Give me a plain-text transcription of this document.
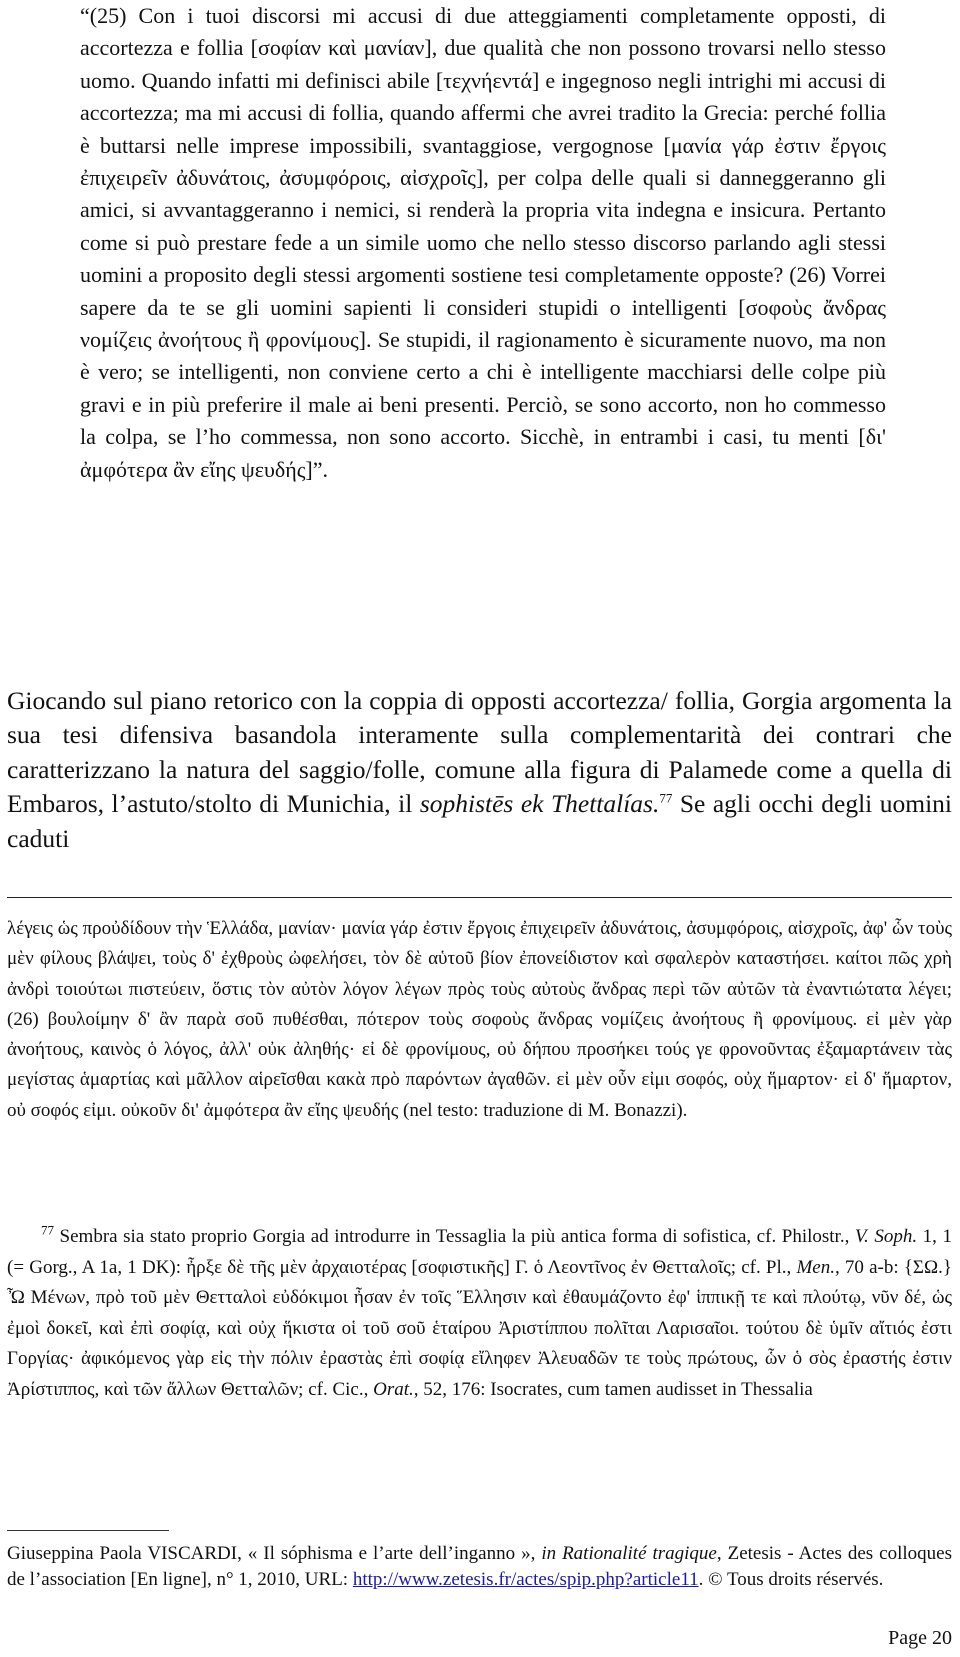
“(25) Con i tuoi discorsi mi accusi di due atteggiamenti completamente opposti, di accortezza e follia [σοφίαν καὶ μανίαν], due qualità che non possono trovarsi nello stesso uomo. Quando infatti mi definisci abile [τεχνήεντά] e ingegnoso negli intrighi mi accusi di accortezza; ma mi accusi di follia, quando affermi che avrei tradito la Grecia: perché follia è buttarsi nelle imprese impossibili, svantaggiose, vergognose [μανία γάρ ἐστιν ἔργοις ἐπιχειρεῖν ἀδυνάτοις, ἀσυμφόροις, αἰσχροῖς], per colpa delle quali si danneggeranno gli amici, si avvantaggeranno i nemici, si renderà la propria vita indegna e insicura. Pertanto come si può prestare fede a un simile uomo che nello stesso discorso parlando agli stessi uomini a proposito degli stessi argomenti sostiene tesi completamente opposte? (26) Vorrei sapere da te se gli uomini sapienti li consideri stupidi o intelligenti [σοφοὺς ἄνδρας νομίζεις ἀνοήτους ἢ φρονίμους]. Se stupidi, il ragionamento è sicuramente nuovo, ma non è vero; se intelligenti, non conviene certo a chi è intelligente macchiarsi delle colpe più gravi e in più preferire il male ai beni presenti. Perciò, se sono accorto, non ho commesso la colpa, se l’ho commessa, non sono accorto. Sicchè, in entrambi i casi, tu menti [δι' ἀμφότερα ἂν εἴης ψευδής]”.
Giocando sul piano retorico con la coppia di opposti accortezza/ follia, Gorgia argomenta la sua tesi difensiva basandola interamente sulla complementarità dei contrari che caratterizzano la natura del saggio/folle, comune alla figura di Palamede come a quella di Embaros, l’astuto/stolto di Munichia, il sophistēs ek Thettalías.$^{77}$ Se agli occhi degli uomini caduti
λέγεις ὡς προὐδίδουν τὴν Ἑλλάδα, μανίαν· μανία γάρ ἐστιν ἔργοις ἐπιχειρεῖν ἀδυνάτοις, ἀσυμφόροις, αἰσχροῖς, ἀφ' ὧν τοὺς μὲν φίλους βλάψει, τοὺς δ' ἐχθροὺς ὠφελήσει, τὸν δὲ αὑτοῦ βίον ἐπονείδιστον καὶ σφαλερὸν καταστήσει. καίτοι πῶς χρὴ ἀνδρὶ τοιούτωι πιστεύειν, ὅστις τὸν αὐτὸν λόγον λέγων πρὸς τοὺς αὐτοὺς ἄνδρας περὶ τῶν αὐτῶν τὰ ἐναντιώτατα λέγει; (26) βουλοίμην δ' ἂν παρὰ σοῦ πυθέσθαι, πότερον τοὺς σοφοὺς ἄνδρας νομίζεις ἀνοήτους ἢ φρονίμους. εἰ μὲν γὰρ ἀνοήτους, καινὸς ὁ λόγος, ἀλλ' οὐκ ἀληθής· εἰ δὲ φρονίμους, οὐ δήπου προσήκει τούς γε φρονοῦντας ἐξαμαρτάνειν τὰς μεγίστας ἁμαρτίας καὶ μᾶλλον αἱρεῖσθαι κακὰ πρὸ παρόντων ἀγαθῶν. εἰ μὲν οὖν εἰμι σοφός, οὐχ ἥμαρτον· εἰ δ' ἥμαρτον, οὐ σοφός εἰμι. οὐκοῦν δι' ἀμφότερα ἂν εἴης ψευδής (nel testo: traduzione di M. Bonazzi).
$^{77}$ Sembra sia stato proprio Gorgia ad introdurre in Tessaglia la più antica forma di sofistica, cf. Philostr., V. Soph. 1, 1 (= Gorg., A 1a, 1 DK): ἦρξε δὲ τῆς μὲν ἀρχαιοτέρας [σοφιστικῆς] Γ. ὁ Λεοντῖνος ἐν Θετταλοῖς; cf. Pl., Men., 70 a-b: {ΣΩ.} Ὦ Μένων, πρὸ τοῦ μὲν Θετταλοὶ εὐδόκιμοι ἦσαν ἐν τοῖς Ἕλλησιν καὶ ἐθαυμάζοντο ἐφ' ἱππικῇ τε καὶ πλούτῳ, νῦν δέ, ὡς ἐμοὶ δοκεῖ, καὶ ἐπὶ σοφίᾳ, καὶ οὐχ ἥκιστα οἱ τοῦ σοῦ ἑταίρου Ἀριστίππου πολῖται Λαρισαῖοι. τούτου δὲ ὑμῖν αἴτιός ἐστι Γοργίας· ἀφικόμενος γὰρ εἰς τὴν πόλιν ἐραστὰς ἐπὶ σοφίᾳ εἴληφεν Ἀλευαδῶν τε τοὺς πρώτους, ὧν ὁ σὸς ἐραστής ἐστιν Ἀρίστιππος, καὶ τῶν ἄλλων Θετταλῶν; cf. Cic., Orat., 52, 176: Isocrates, cum tamen audisset in Thessalia
Giuseppina Paola VISCARDI, « Il sóphisma e l’arte dell’inganno », in Rationalité tragique, Zetesis - Actes des colloques de l’association [En ligne], n° 1, 2010, URL: http://www.zetesis.fr/actes/spip.php?article11. © Tous droits réservés.
Page 20
